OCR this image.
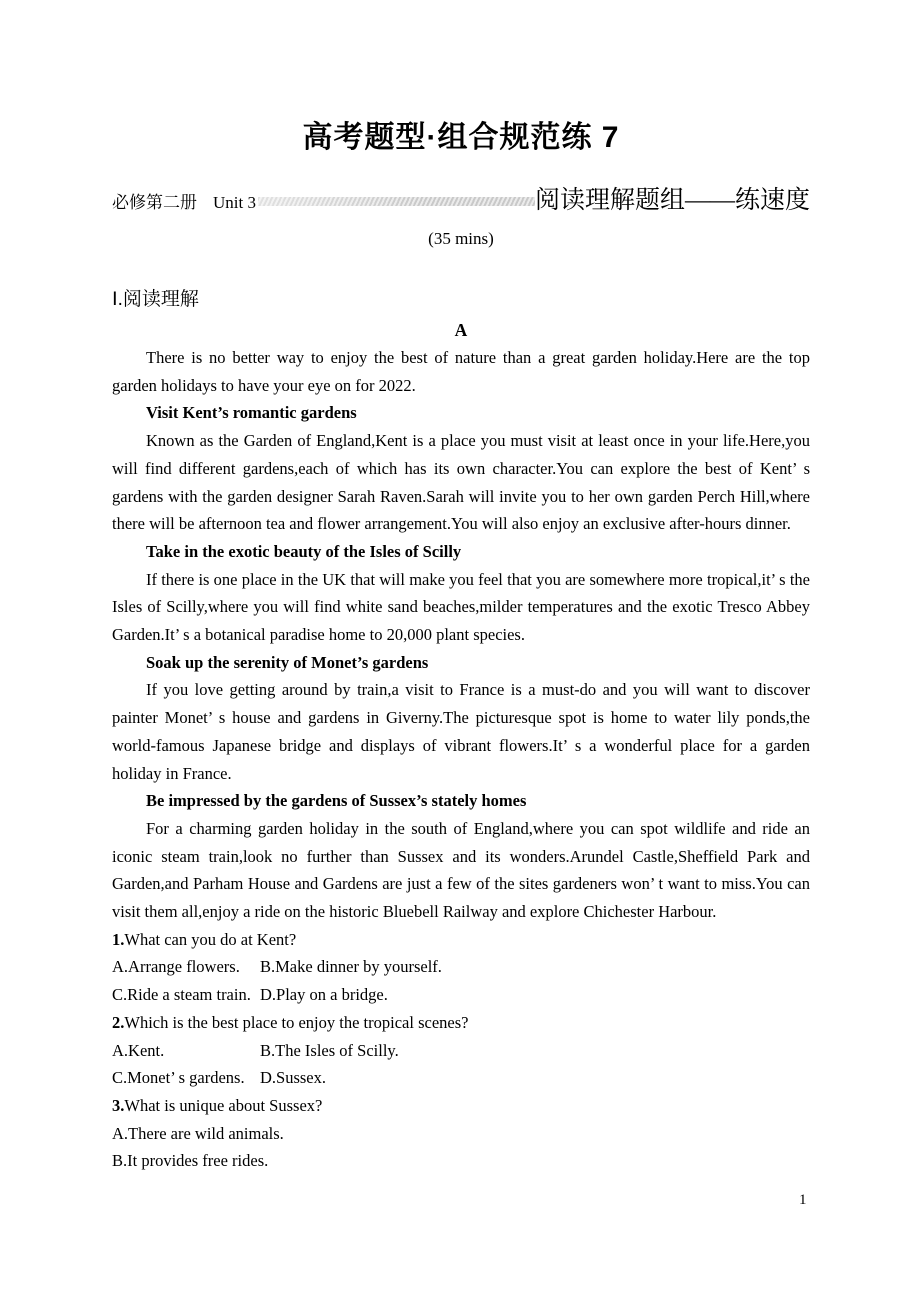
高考题型·组合规范练 7
必修第二册 Unit 3	阅读理解题组——练速度
(35 mins)
Ⅰ.阅读理解
A

There is no better way to enjoy the best of nature than a great garden holiday.Here are the top garden holidays to have your eye on for 2022.

Visit Kent’s romantic gardens

Known as the Garden of England,Kent is a place you must visit at least once in your life.Here,you will find different gardens,each of which has its own character.You can explore the best of Kent’ s gardens with the garden designer Sarah Raven.Sarah will invite you to her own garden Perch Hill,where there will be afternoon tea and flower arrangement.You will also enjoy an exclusive after-hours dinner.

Take in the exotic beauty of the Isles of Scilly

If there is one place in the UK that will make you feel that you are somewhere more tropical,it’ s the Isles of Scilly,where you will find white sand beaches,milder temperatures and the exotic Tresco Abbey Garden.It’ s a botanical paradise home to 20,000 plant species.

Soak up the serenity of Monet’s gardens

If you love getting around by train,a visit to France is a must-do and you will want to discover painter Monet’ s house and gardens in Giverny.The picturesque spot is home to water lily ponds,the world-famous Japanese bridge and displays of vibrant flowers.It’ s a wonderful place for a garden holiday in France.

Be impressed by the gardens of Sussex’s stately homes

For a charming garden holiday in the south of England,where you can spot wildlife and ride an iconic steam train,look no further than Sussex and its wonders.Arundel Castle,Sheffield Park and Garden,and Parham House and Gardens are just a few of the sites gardeners won’ t want to miss.You can visit them all,enjoy a ride on the historic Bluebell Railway and explore Chichester Harbour.

1.What can you do at Kent?
A.Arrange flowers. B.Make dinner by yourself.
C.Ride a steam train. D.Play on a bridge.
2.Which is the best place to enjoy the tropical scenes?
A.Kent.	B.The Isles of Scilly.
C.Monet’ s gardens. D.Sussex.
3.What is unique about Sussex?
A.There are wild animals.
B.It provides free rides.
1
